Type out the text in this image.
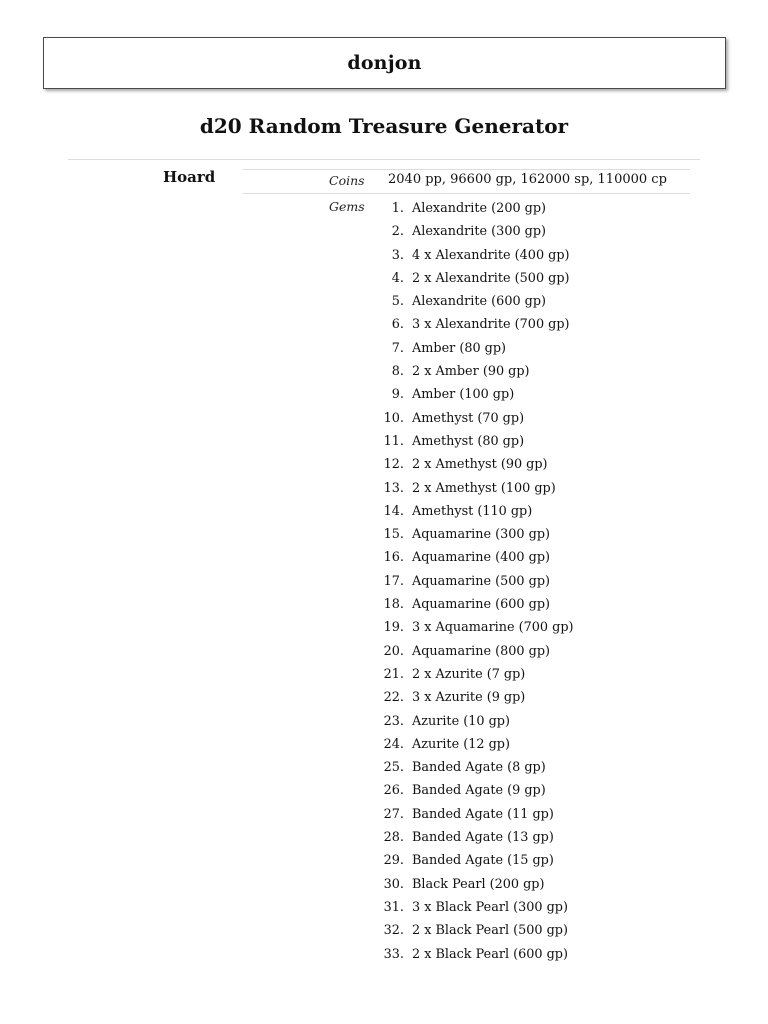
donjon
d20 Random Treasure Generator
Hoard	Coins 2040 pp, 96600 gp, 162000 sp, 110000 cp
Gems	1. Alexandrite (200 gp)
2. Alexandrite (300 gp)
3. 4 x Alexandrite (400 gp)
4. 2 x Alexandrite (500 gp)
5. Alexandrite (600 gp)
6. 3 x Alexandrite (700 gp)
7. Amber (80 gp)
8. 2 x Amber (90 gp)
9. Amber (100 gp)
10. Amethyst (70 gp)
11. Amethyst (80 gp)
12. 2 x Amethyst (90 gp)
13. 2 x Amethyst (100 gp)
14. Amethyst (110 gp)
15. Aquamarine (300 gp)
16. Aquamarine (400 gp)
17. Aquamarine (500 gp)
18. Aquamarine (600 gp)
19. 3 x Aquamarine (700 gp)
20. Aquamarine (800 gp)
21. 2 x Azurite (7 gp)
22. 3 x Azurite (9 gp)
23. Azurite (10 gp)
24. Azurite (12 gp)
25. Banded Agate (8 gp)
26. Banded Agate (9 gp)
27. Banded Agate (11 gp)
28. Banded Agate (13 gp)
29. Banded Agate (15 gp)
30. Black Pearl (200 gp)
31. 3 x Black Pearl (300 gp)
32. 2 x Black Pearl (500 gp)
33. 2 x Black Pearl (600 gp)
